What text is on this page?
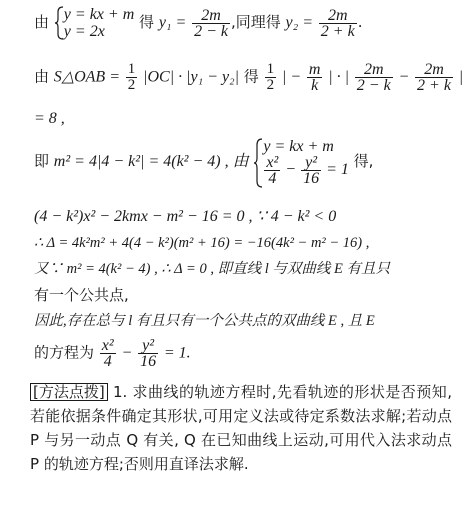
由 y = kx + m
y = 2x
得 $y_1 = \frac{2m}{2 - k}$ ,同理得 $y_2 = \frac{2m}{2 + k}$ .
由 S△OAB = $\frac{1}{2} |OC| \cdot |y_1 - y_2|$ 得 $\frac{1}{2}$ | − $\frac{m}{k}$ | · | $\frac{2m}{2 - k} - \frac{2m}{2 + k}$ |
= 8 ,
即 m² = 4|4 − k²| = 4(k² − 4) , 由
y = kx + m
$\frac{\text{x²}}{4} - \frac{\text{y²}}{16} = 1$ 得,
(4 − k²)x² − 2kmx − m² − 16 = 0 , ∵ 4 − k² < 0
∴ Δ = 4k²m² + 4(4 − k²)(m² + 16) = −16(4k² − m² − 16) ,
又∵ m² = 4(k² − 4) , ∴ Δ = 0 , 即直线 l 与双曲线 E 有且只
有一个公共点,
因此,存在总与 l 有且只有一个公共点的双曲线 E , 且 E
的方程为 $\frac{\text{x²}}{4} - \frac{\text{y²}}{16} = 1$.
[方法点拨] 1. 求曲线的轨迹方程时,先看轨迹的形状是否预知,若能依据条件确定其形状,可用定义法或待定系数法求解;若动点 P 与另一动点 Q 有关, Q 在已知曲线上运动,可用代入法求动点 P 的轨迹方程;否则用直译法求解.
